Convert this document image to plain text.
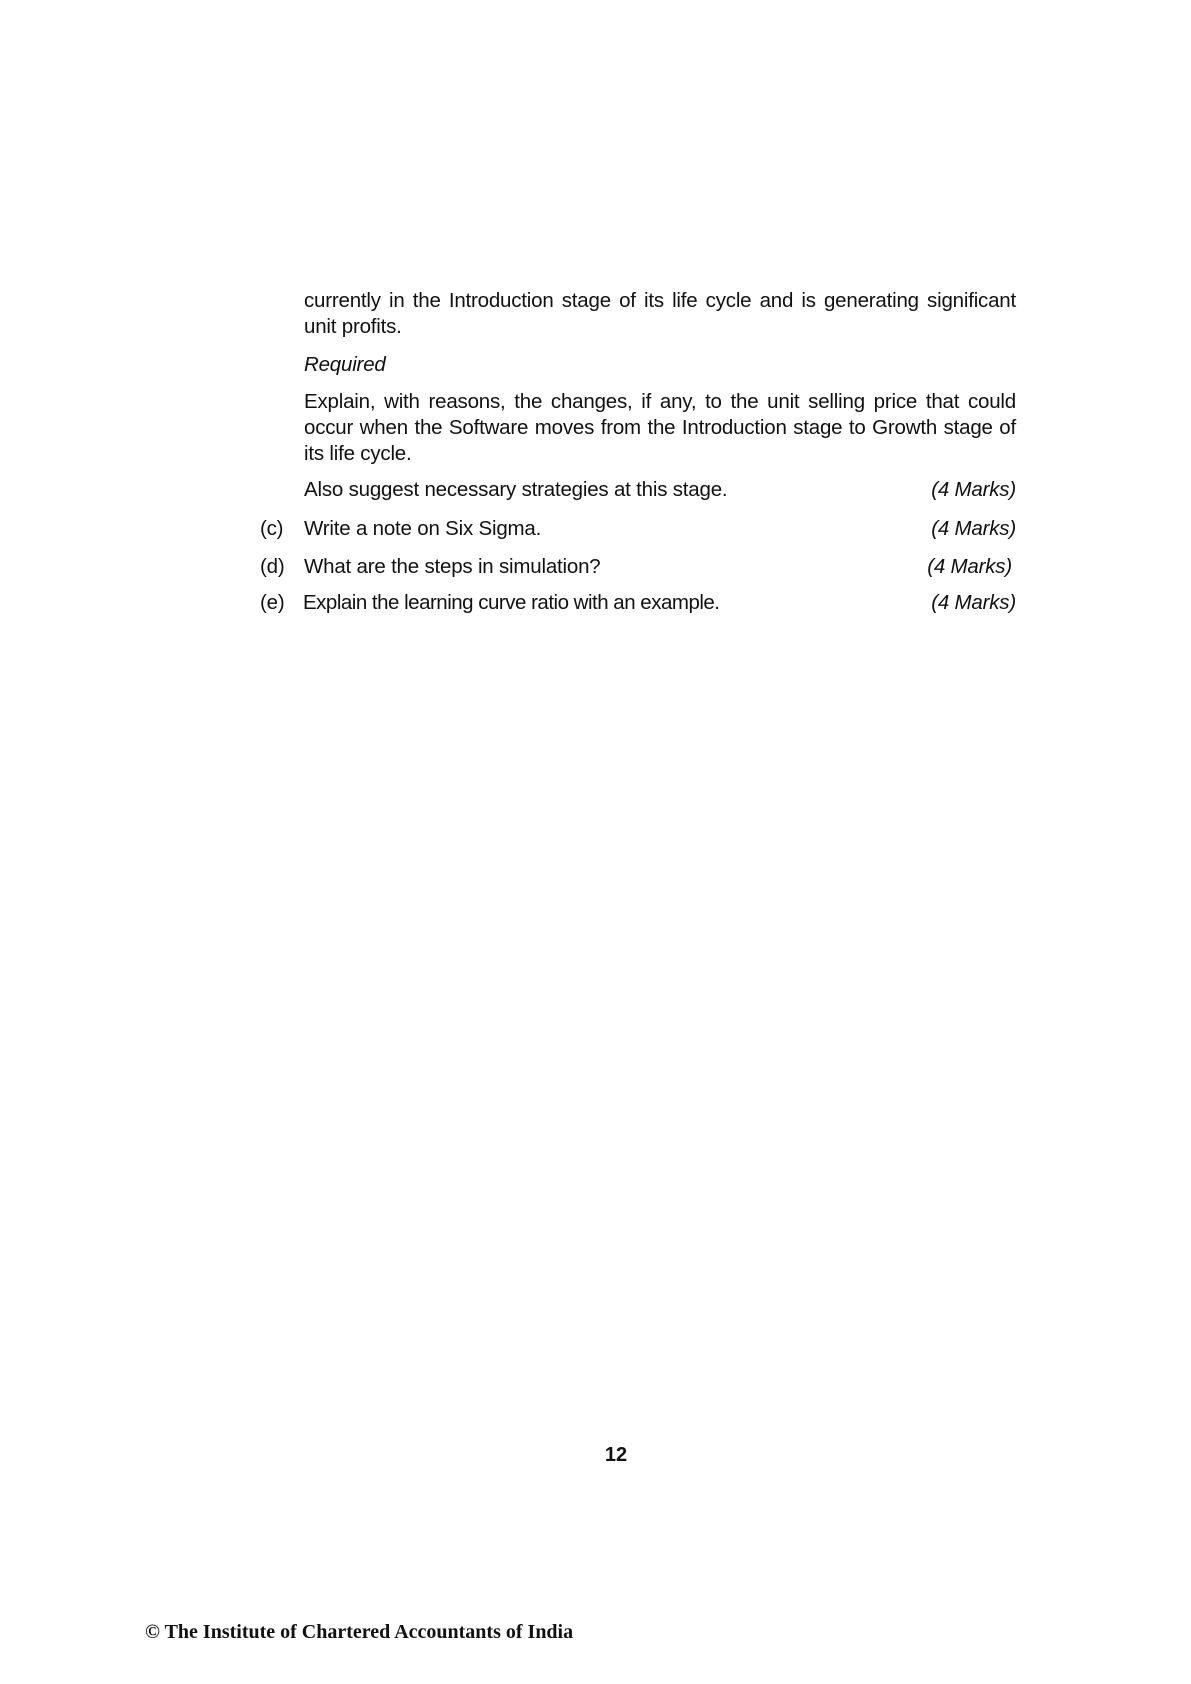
currently in the Introduction stage of its life cycle and is generating significant unit profits.
Required
Explain, with reasons, the changes, if any, to the unit selling price that could occur when the Software moves from the Introduction stage to Growth stage of its life cycle.
Also suggest necessary strategies at this stage.	(4 Marks)
(c) Write a note on Six Sigma.	(4 Marks)
(d) What are the steps in simulation?	(4 Marks)
(e) Explain the learning curve ratio with an example.	(4 Marks)
12
© The Institute of Chartered Accountants of India
